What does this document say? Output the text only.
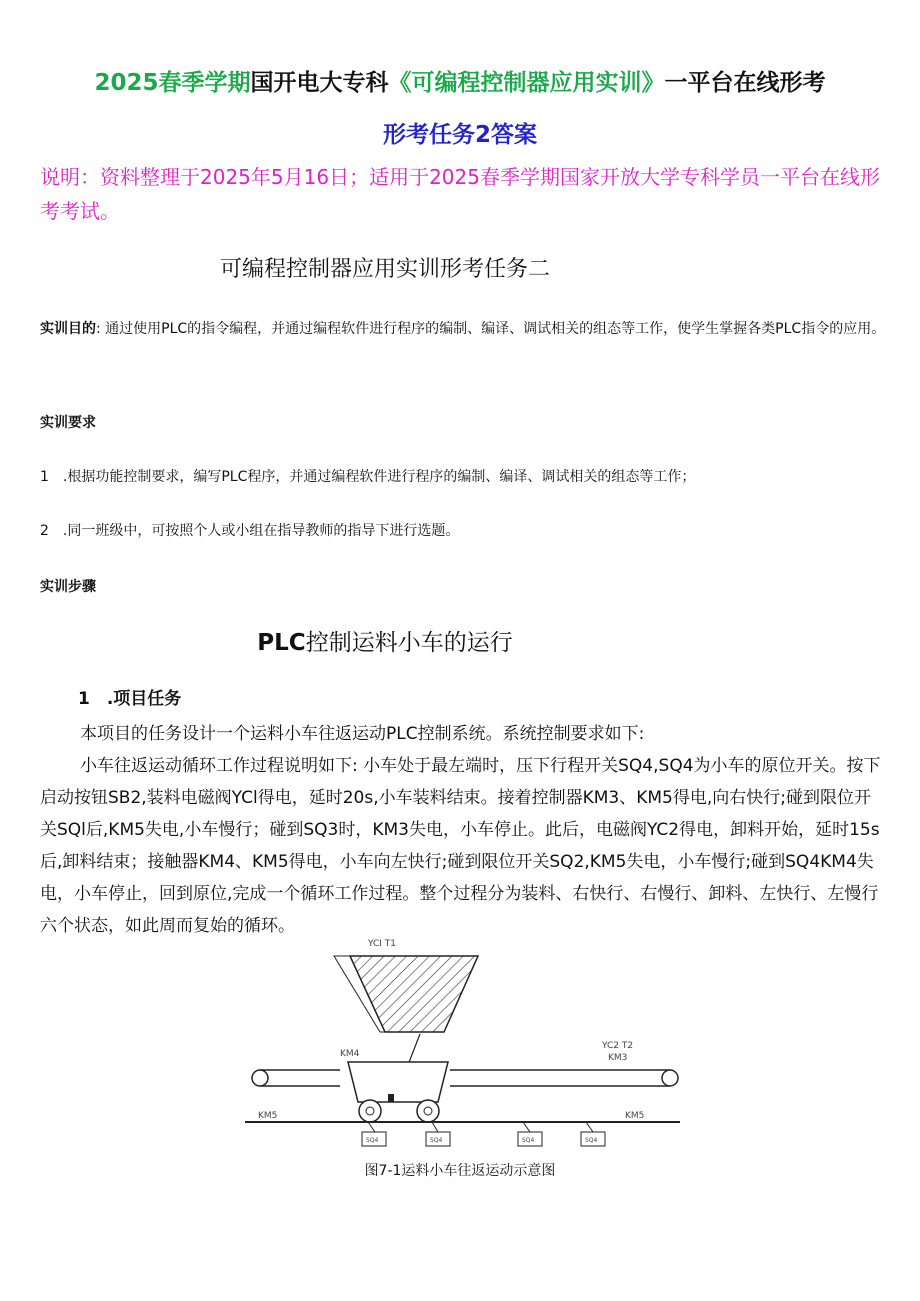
2025春季学期国开电大专科《可编程控制器应用实训》一平台在线形考
形考任务2答案
说明：资料整理于2025年5月16日；适用于2025春季学期国家开放大学专科学员一平台在线形考考试。
可编程控制器应用实训形考任务二
实训目的: 通过使用PLC的指令编程，并通过编程软件进行程序的编制、编译、调试相关的组态等工作，使学生掌握各类PLC指令的应用。
实训要求
1　.根据功能控制要求，编写PLC程序，并通过编程软件进行程序的编制、编译、调试相关的组态等工作；
2　.同一班级中，可按照个人或小组在指导教师的指导下进行选题。
实训步骤
PLC控制运料小车的运行
1　.项目任务
本项目的任务设计一个运料小车往返运动PLC控制系统。系统控制要求如下:
小车往返运动循环工作过程说明如下: 小车处于最左端时，压下行程开关SQ4,SQ4为小车的原位开关。按下启动按钮SB2,装料电磁阀YCl得电，延时20s,小车装料结束。接着控制器KM3、KM5得电,向右快行;碰到限位开关SQl后,KM5失电,小车慢行；碰到SQ3时，KM3失电，小车停止。此后，电磁阀YC2得电，卸料开始，延时15s后,卸料结束；接触器KM4、KM5得电，小车向左快行;碰到限位开关SQ2,KM5失电，小车慢行;碰到SQ4KM4失电，小车停止，回到原位,完成一个循环工作过程。整个过程分为装料、右快行、右慢行、卸料、左快行、左慢行六个状态，如此周而复始的循环。
YCI T1
KM4
YC2 T2
KM3
KM5	KM5
SQ4	SQ4	SQ4	SQ4
图7-1运料小车往返运动示意图
